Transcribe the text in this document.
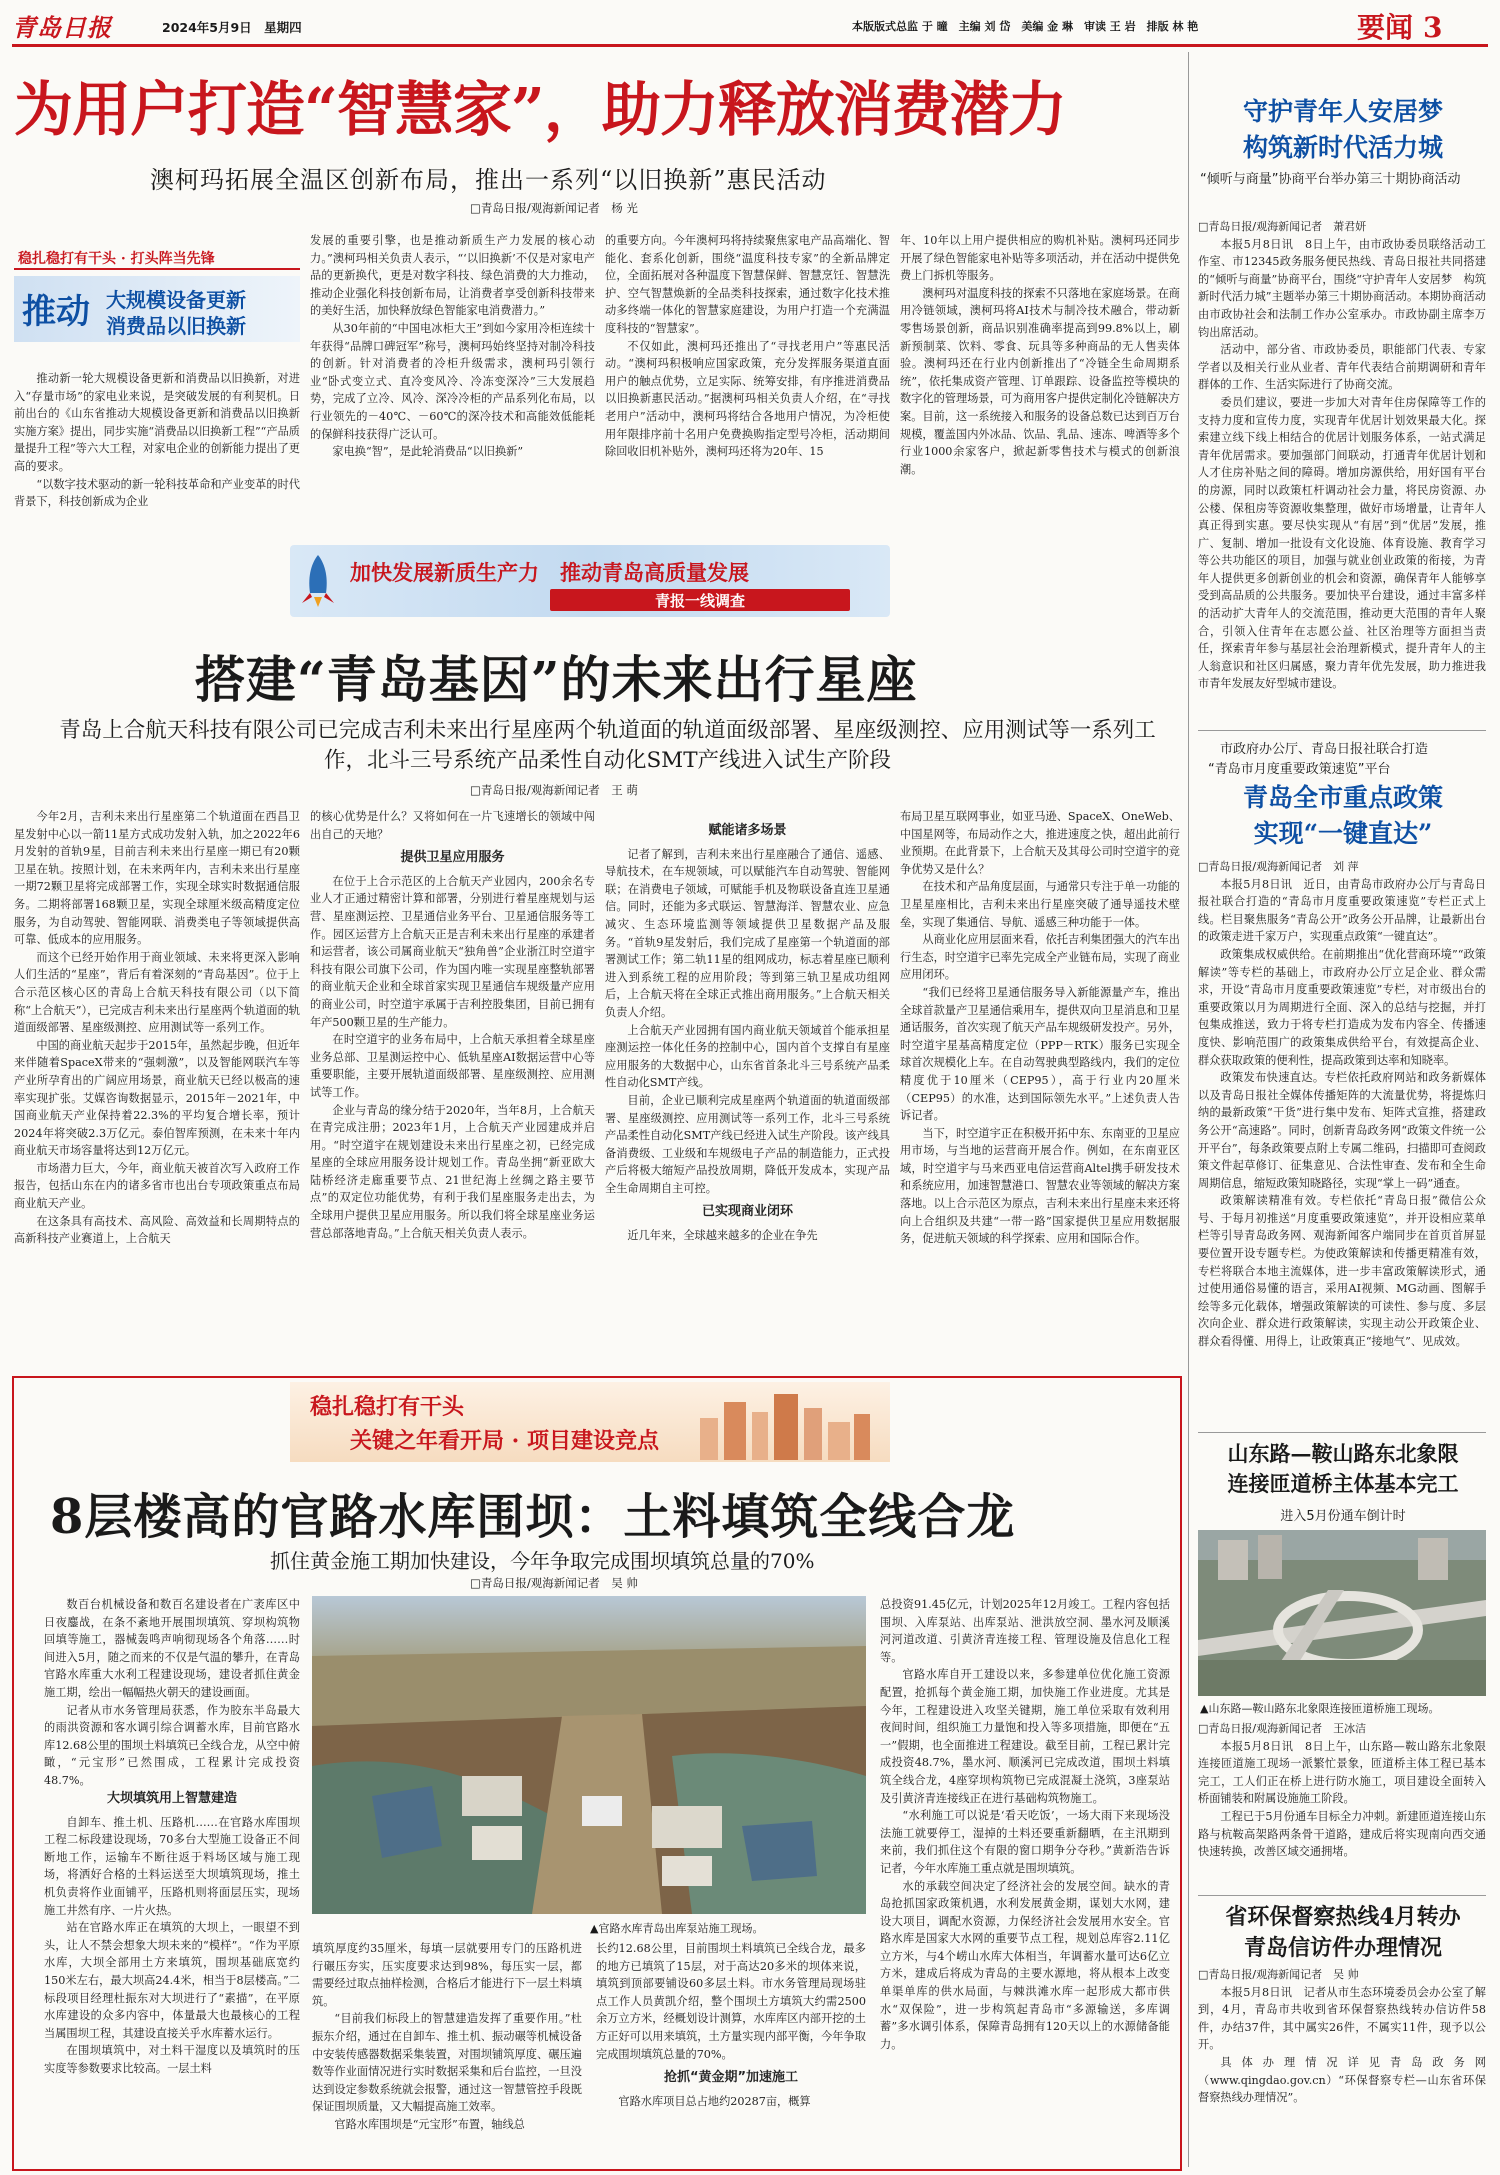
青岛日报	2024年5月9日　星期四	本版版式总监 于 曈　主编 刘 岱　美编 金 琳　审读 王 岩　排版 林 艳	要闻 3
为用户打造“智慧家”，助力释放消费潜力
澳柯玛拓展全温区创新布局，推出一系列“以旧换新”惠民活动
□青岛日报/观海新闻记者　杨 光
稳扎稳打有干头 · 打头阵当先锋
推动 大规模设备更新
消费品以旧换新

推动新一轮大规模设备更新和消费品以旧换新，对进入“存量市场”的家电业来说，是突破发展的有利契机。日前出台的《山东省推动大规模设备更新和消费品以旧换新实施方案》提出，同步实施“消费品以旧换新工程”“产品质量提升工程”等六大工程，对家电企业的创新能力提出了更高的要求。

“以数字技术驱动的新一轮科技革命和产业变革的时代背景下，科技创新成为企业

发展的重要引擎，也是推动新质生产力发展的核心动力。”澳柯玛相关负责人表示，“‘以旧换新’不仅是对家电产品的更新换代，更是对数字科技、绿色消费的大力推动，推动企业强化科技创新布局，让消费者享受创新科技带来的美好生活，加快释放绿色智能家电消费潜力。”

从30年前的“中国电冰柜大王”到如今家用冷柜连续十年获得“品牌口碑冠军”称号，澳柯玛始终坚持对制冷科技的创新。针对消费者的冷柜升级需求，澳柯玛引领行业“卧式变立式、直冷变风冷、冷冻变深冷”三大发展趋势，完成了立冷、风冷、深冷冷柜的产品系列化布局，以行业领先的－40℃、－60℃的深冷技术和高能效低能耗的保鲜科技获得广泛认可。

家电换“智”，是此轮消费品“以旧换新”

的重要方向。今年澳柯玛将持续聚焦家电产品高端化、智能化、套系化创新，围绕“温度科技专家”的全新品牌定位，全面拓展对各种温度下智慧保鲜、智慧烹饪、智慧洗护、空气智慧焕新的全品类科技探索，通过数字化技术推动多终端一体化的智慧家庭建设，为用户打造一个充满温度科技的“智慧家”。

不仅如此，澳柯玛还推出了“寻找老用户”等惠民活动。“澳柯玛积极响应国家政策，充分发挥服务渠道直面用户的触点优势，立足实际、统筹安排，有序推进消费品以旧换新惠民活动。”据澳柯玛相关负责人介绍，在“寻找老用户”活动中，澳柯玛将结合各地用户情况，为冷柜使用年限排序前十名用户免费换购指定型号冷柜，活动期间除回收旧机补贴外，澳柯玛还将为20年、15

年、10年以上用户提供相应的购机补贴。澳柯玛还同步开展了绿色智能家电补贴等多项活动，并在活动中提供免费上门拆机等服务。

澳柯玛对温度科技的探索不只落地在家庭场景。在商用冷链领域，澳柯玛将AI技术与制冷技术融合，带动新零售场景创新，商品识别准确率提高到99.8%以上，刷新预制菜、饮料、零食、玩具等多种商品的无人售卖体验。澳柯玛还在行业内创新推出了“冷链全生命周期系统”，依托集成资产管理、订单跟踪、设备监控等模块的数字化的管理场景，可为商用客户提供定制化冷链解决方案。目前，这一系统接入和服务的设备总数已达到百万台规模，覆盖国内外冰品、饮品、乳品、速冻、啤酒等多个行业1000余家客户，掀起新零售技术与模式的创新浪潮。

加快发展新质生产力　推动青岛高质量发展
青报一线调查
搭建“青岛基因”的未来出行星座
青岛上合航天科技有限公司已完成吉利未来出行星座两个轨道面的轨道面级部署、星座级测控、应用测试等一系列工作，北斗三号系统产品柔性自动化SMT产线进入试生产阶段
□青岛日报/观海新闻记者　王 萌

今年2月，吉利未来出行星座第二个轨道面在西昌卫星发射中心以一箭11星方式成功发射入轨，加之2022年6月发射的首轨9星，目前吉利未来出行星座一期已有20颗卫星在轨。按照计划，在未来两年内，吉利未来出行星座一期72颗卫星将完成部署工作，实现全球实时数据通信服务。二期将部署168颗卫星，实现全球厘米级高精度定位服务，为自动驾驶、智能网联、消费类电子等领域提供高可靠、低成本的应用服务。

而这个已经开始作用于商业领域、未来将更深入影响人们生活的“星座”，背后有着深刻的“青岛基因”。位于上合示范区核心区的青岛上合航天科技有限公司（以下简称“上合航天”），已完成吉利未来出行星座两个轨道面的轨道面级部署、星座级测控、应用测试等一系列工作。

中国的商业航天起步于2015年，虽然起步晚，但近年来伴随着SpaceX带来的“强刺激”，以及智能网联汽车等产业所孕育出的广阔应用场景，商业航天已经以极高的速率实现扩张。艾媒咨询数据显示，2015年－2021年，中国商业航天产业保持着22.3%的平均复合增长率，预计2024年将突破2.3万亿元。泰伯智库预测，在未来十年内商业航天市场容量将达到12万亿元。

市场潜力巨大，今年，商业航天被首次写入政府工作报告，包括山东在内的诸多省市也出台专项政策重点布局商业航天产业。

在这条具有高技术、高风险、高效益和长周期特点的高新科技产业赛道上，上合航天

的核心优势是什么？又将如何在一片飞速增长的领域中闯出自己的天地？

提供卫星应用服务

在位于上合示范区的上合航天产业园内，200余名专业人才正通过精密计算和部署，分别进行着星座规划与运营、星座测运控、卫星通信业务平台、卫星通信服务等工作。园区运营方上合航天正是吉利未来出行星座的承建者和运营者，该公司属商业航天“独角兽”企业浙江时空道宇科技有限公司旗下公司，作为国内唯一实现星座整轨部署的商业航天企业和全球首家实现卫星通信车规级量产应用的商业公司，时空道宇承属于吉利控股集团，目前已拥有年产500颗卫星的生产能力。

在时空道宇的业务布局中，上合航天承担着全球星座业务总部、卫星测运控中心、低轨星座AI数据运营中心等重要职能，主要开展轨道面级部署、星座级测控、应用测试等工作。

企业与青岛的缘分结于2020年，当年8月，上合航天在青完成注册；2023年1月，上合航天产业园建成并启用。“时空道宇在规划建设未来出行星座之初，已经完成星座的全球应用服务设计规划工作。青岛坐拥“新亚欧大陆桥经济走廊重要节点、21世纪海上丝绸之路主要节点”的双定位功能优势，有利于我们星座服务走出去，为全球用户提供卫星应用服务。所以我们将全球星座业务运营总部落地青岛。”上合航天相关负责人表示。

赋能诸多场景

记者了解到，吉利未来出行星座融合了通信、遥感、导航技术，在车规领域，可以赋能汽车自动驾驶、智能网联；在消费电子领域，可赋能手机及物联设备直连卫星通信。同时，还能为多式联运、智慧海洋、智慧农业、应急减灾、生态环境监测等领域提供卫星数据产品及服务。“首轨9星发射后，我们完成了星座第一个轨道面的部署测试工作；第二轨11星的组网成功，标志着星座已顺利进入到系统工程的应用阶段；等到第三轨卫星成功组网后，上合航天将在全球正式推出商用服务。”上合航天相关负责人介绍。

上合航天产业园拥有国内商业航天领域首个能承担星座测运控一体化任务的控制中心，国内首个支撑自有星座应用服务的大数据中心，山东省首条北斗三号系统产品柔性自动化SMT产线。

目前，企业已顺利完成星座两个轨道面的轨道面级部署、星座级测控、应用测试等一系列工作，北斗三号系统产品柔性自动化SMT产线已经进入试生产阶段。该产线具备消费级、工业级和车规级电子产品的制造能力，正式投产后将极大缩短产品投放周期，降低开发成本，实现产品全生命周期自主可控。

已实现商业闭环

近几年来，全球越来越多的企业在争先

布局卫星互联网事业，如亚马逊、SpaceX、OneWeb、中国星网等，布局动作之大，推进速度之快，超出此前行业预期。在此背景下，上合航天及其母公司时空道宇的竞争优势又是什么？

在技术和产品角度层面，与通常只专注于单一功能的卫星星座相比，吉利未来出行星座突破了通导遥技术壁垒，实现了集通信、导航、遥感三种功能于一体。

从商业化应用层面来看，依托吉利集团强大的汽车出行生态，时空道宇已率先完成全产业链布局，实现了商业应用闭环。

“我们已经将卫星通信服务导入新能源量产车，推出全球首款量产卫星通信乘用车，提供双向卫星消息和卫星通话服务，首次实现了航天产品车规级研发投产。另外，时空道宇星基高精度定位（PPP－RTK）服务已实现全球首次规模化上车。在自动驾驶典型路线内，我们的定位精度优于10厘米（CEP95），高于行业内20厘米（CEP95）的水准，达到国际领先水平。”上述负责人告诉记者。

当下，时空道宇正在积极开拓中东、东南亚的卫星应用市场，与当地的运营商开展合作。例如，在东南亚区域，时空道宇与马来西亚电信运营商Altel携手研发技术和系统应用，加速智慧港口、智慧农业等领域的解决方案落地。以上合示范区为原点，吉利未来出行星座未来还将向上合组织及共建“一带一路”国家提供卫星应用数据服务，促进航天领域的科学探索、应用和国际合作。

稳扎稳打有干头
关键之年看开局 · 项目建设竞点
8层楼高的官路水库围坝：土料填筑全线合龙
抓住黄金施工期加快建设，今年争取完成围坝填筑总量的70%
□青岛日报/观海新闻记者　吴 帅

数百台机械设备和数百名建设者在广袤库区中日夜鏖战，在条不紊地开展围坝填筑、穿坝构筑物回填等施工，器械轰鸣声响彻现场各个角落……时间进入5月，随之而来的不仅是气温的攀升，在青岛官路水库重大水利工程建设现场，建设者抓住黄金施工期，绘出一幅幅热火朝天的建设画面。

记者从市水务管理局获悉，作为胶东半岛最大的雨洪资源和客水调引综合调蓄水库，目前官路水库12.68公里的围坝土料填筑已全线合龙，从空中俯瞰，“元宝形”已然围成，工程累计完成投资48.7%。

大坝填筑用上智慧建造

自卸车、推土机、压路机……在官路水库围坝工程二标段建设现场，70多台大型施工设备正不间断地工作，运输车不断往返于料场区域与施工现场，将洒好合格的土料运送至大坝填筑现场，推土机负责将作业面铺平，压路机则将面层压实，现场施工井然有序、一片火热。

站在官路水库正在填筑的大坝上，一眼望不到头，让人不禁会想象大坝未来的“模样”。“作为平原水库，大坝全部用土方来填筑，围坝基础底宽约150米左右，最大坝高24.4米，相当于8层楼高。”二标段项目经理杜振东对大坝进行了“素描”，在平原水库建设的众多内容中，体量最大也最核心的工程当属围坝工程，其建设直接关乎水库蓄水运行。

在围坝填筑中，对土料干湿度以及填筑时的压实度等参数要求比较高。一层土料

▲官路水库青岛出库泵站施工现场。

填筑厚度约35厘米，每填一层就要用专门的压路机进行碾压夯实，压实度要求达到98%，每压实一层，都需要经过取点抽样检测，合格后才能进行下一层土料填筑。

“目前我们标段上的智慧建造发挥了重要作用。”杜振东介绍，通过在自卸车、推土机、振动碾等机械设备中安装传感器数据采集装置，对围坝铺筑厚度、碾压遍数等作业面情况进行实时数据采集和后台监控，一旦没达到设定参数系统就会报警，通过这一智慧管控手段既保证围坝质量，又大幅提高施工效率。

官路水库围坝是“元宝形”布置，轴线总

长约12.68公里，目前围坝土料填筑已全线合龙，最多的地方已填筑了15层，对于高达20多米的坝体来说，填筑到顶部要铺设60多层土料。市水务管理局现场驻点工作人员黄凯介绍，整个围坝土方填筑大约需2500余万立方米，经概划设计测算，水库库区内部开挖的土方正好可以用来填筑，土方量实现内部平衡，今年争取完成围坝填筑总量的70%。

抢抓“黄金期”加速施工

官路水库项目总占地约20287亩，概算

总投资91.45亿元，计划2025年12月竣工。工程内容包括围坝、入库泵站、出库泵站、泄洪放空洞、墨水河及顺溪河河道改道、引黄济青连接工程、管理设施及信息化工程等。

官路水库自开工建设以来，多参建单位优化施工资源配置，抢抓每个黄金施工期，加快施工作业进度。尤其是今年，工程建设进入攻坚关键期，施工单位采取有效利用夜间时间，组织施工力量饱和投入等多项措施，即便在“五一”假期，也全面推进工程建设。截至目前，工程已累计完成投资48.7%，墨水河、顺溪河已完成改道，围坝土料填筑全线合龙，4座穿坝构筑物已完成混凝土浇筑，3座泵站及引黄济青连接线正在进行基础构筑物施工。

“水利施工可以说是‘看天吃饭’，一场大雨下来现场没法施工就要停工，湿掉的土料还要重新翻晒，在主汛期到来前，我们抓住这个有限的窗口期争分夺秒。”黄新浩告诉记者，今年水库施工重点就是围坝填筑。

水的承载空间决定了经济社会的发展空间。缺水的青岛抢抓国家政策机遇，水利发展黄金期，谋划大水网，建设大项目，调配水资源，力保经济社会发展用水安全。官路水库是国家大水网的重要节点工程，规划总库容2.11亿立方米，与4个崂山水库大体相当，年调蓄水量可达6亿立方米，建成后将成为青岛的主要水源地，将从根本上改变单渠单库的供水局面，与棘洪滩水库一起形成大都市供水“双保险”，进一步构筑起青岛市“多源输送，多库调蓄”多水调引体系，保障青岛拥有120天以上的水源储备能力。

守护青年人安居梦
构筑新时代活力城
“倾听与商量”协商平台举办第三十期协商活动

□青岛日报/观海新闻记者　萧君妍

本报5月8日讯　8日上午，由市政协委员联络活动工作室、市12345政务服务便民热线、青岛日报社共同搭建的“倾听与商量”协商平台，围绕“守护青年人安居梦　构筑新时代活力城”主题举办第三十期协商活动。本期协商活动由市政协社会和法制工作办公室承办。市政协副主席李万钧出席活动。

活动中，部分省、市政协委员，职能部门代表、专家学者以及相关行业从业者、青年代表结合前期调研和青年群体的工作、生活实际进行了协商交流。

委员们建议，要进一步加大对青年住房保障等工作的支持力度和宣传力度，实现青年优居计划效果最大化。探索建立线下线上相结合的优居计划服务体系，一站式满足青年优居需求。要加强部门间联动，打通青年优居计划和人才住房补贴之间的障碍。增加房源供给，用好国有平台的房源，同时以政策杠杆调动社会力量，将民房资源、办公楼、保租房等资源收集整理，做好市场增量，让青年人真正得到实惠。要尽快实现从“有居”到“优居”发展，推广、复制、增加一批设有文化设施、体育设施、教育学习等公共功能区的项目，加强与就业创业政策的衔接，为青年人提供更多创新创业的机会和资源，确保青年人能够享受到高品质的公共服务。要加快平台建设，通过丰富多样的活动扩大青年人的交流范围，推动更大范围的青年人聚合，引领入住青年在志愿公益、社区治理等方面担当责任，探索青年参与基层社会治理新模式，提升青年人的主人翁意识和社区归属感，聚力青年优先发展，助力推进我市青年发展友好型城市建设。

市政府办公厅、青岛日报社联合打造
“青岛市月度重要政策速览”平台
青岛全市重点政策
实现“一键直达”

□青岛日报/观海新闻记者　刘 萍

本报5月8日讯　近日，由青岛市政府办公厅与青岛日报社联合打造的“青岛市月度重要政策速览”专栏正式上线。栏目聚焦服务“青岛公开”政务公开品牌，让最新出台的政策走进千家万户，实现重点政策“一键直达”。

政策集成权威供给。在前期推出“优化营商环境”“政策解读”等专栏的基础上，市政府办公厅立足企业、群众需求，开设“青岛市月度重要政策速览”专栏，对市级出台的重要政策以月为周期进行全面、深入的总结与挖掘，并打包集成推送，致力于将专栏打造成为发布内容全、传播速度快、影响范围广的政策集成供给平台，有效提高企业、群众获取政策的便利性，提高政策到达率和知晓率。

政策发布快速直达。专栏依托政府网站和政务新媒体以及青岛日报社全媒体传播矩阵的大流量优势，将提炼归纳的最新政策“干货”进行集中发布、矩阵式宣推，搭建政务公开“高速路”。同时，创新青岛政务网“政策文件统一公开平台”，每条政策要点附上专属二维码，扫描即可查阅政策文件起草修订、征集意见、合法性审查、发布和全生命周期信息，缩短政策知晓路径，实现“掌上一码”通查。

政策解读精准有效。专栏依托“青岛日报”微信公众号、于每月初推送“月度重要政策速览”，并开设相应菜单栏等引导青岛政务网、观海新闻客户端同步在首页首屏显要位置开设专题专栏。为使政策解读和传播更精准有效，专栏将联合本地主流媒体，进一步丰富政策解读形式，通过使用通俗易懂的语言，采用AI视频、MG动画、图解手绘等多元化载体，增强政策解读的可读性、参与度、多层次向企业、群众进行政策解读，实现主动公开政策企业、群众看得懂、用得上，让政策真正“接地气”、见成效。

山东路—鞍山路东北象限
连接匝道桥主体基本完工
进入5月份通车倒计时
▲山东路—鞍山路东北象限连接匝道桥施工现场。

□青岛日报/观海新闻记者　王冰洁

本报5月8日讯　8日上午，山东路—鞍山路东北象限连接匝道施工现场一派繁忙景象，匝道桥主体工程已基本完工，工人们正在桥上进行防水施工，项目建设全面转入桥面铺装和附属设施施工阶段。

工程已于5月份通车目标全力冲刺。新建匝道连接山东路与杭鞍高架路两条骨干道路，建成后将实现南向西交通快速转换，改善区域交通拥堵。

省环保督察热线4月转办
青岛信访件办理情况

□青岛日报/观海新闻记者　吴 帅

本报5月8日讯　记者从市生态环境委员会办公室了解到，4月，青岛市共收到省环保督察热线转办信访件58件，办结37件，其中属实26件，不属实11件，现予以公开。

具体办理情况详见青岛政务网（www.qingdao.gov.cn）“环保督察专栏—山东省环保督察热线办理情况”。
